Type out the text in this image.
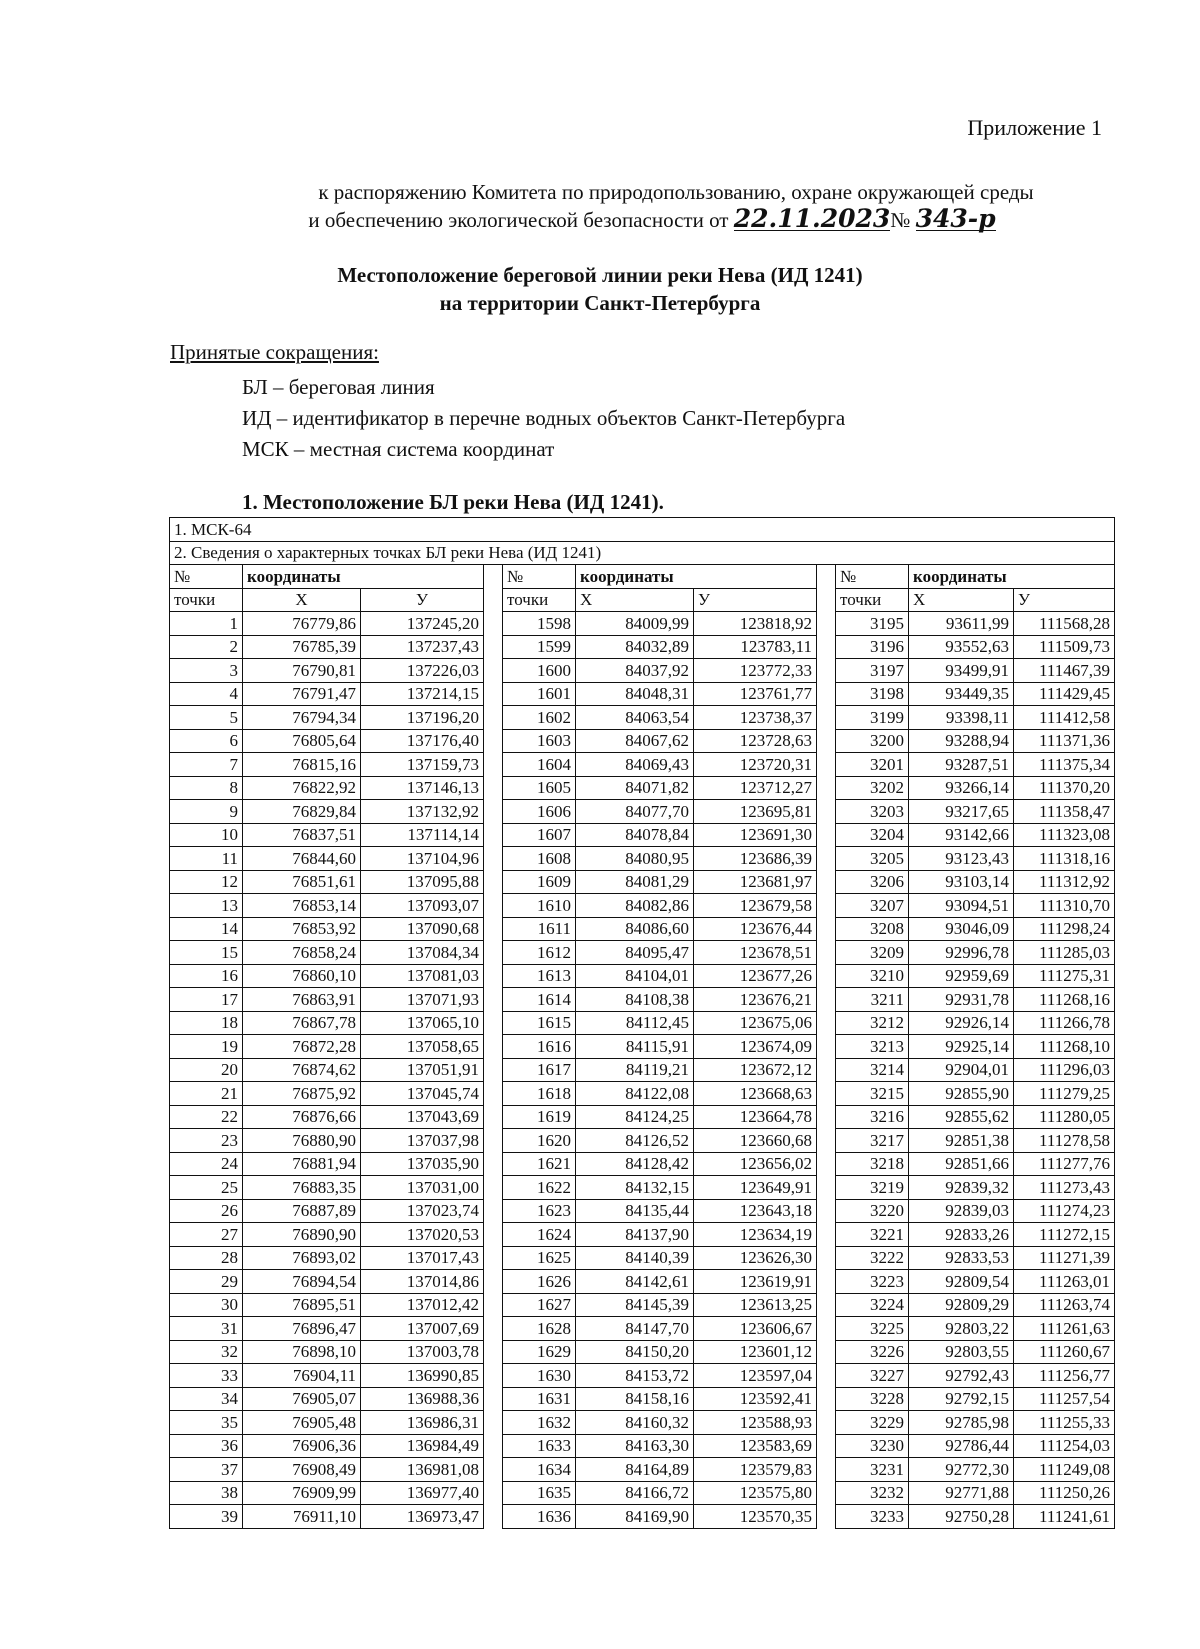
Приложение 1
к распоряжению Комитета по природопользованию, охране окружающей среды
и обеспечению экологической безопасности от 22.11.2023№ 343-р
Местоположение береговой линии реки Нева (ИД 1241)
на территории Санкт-Петербурга
Принятые сокращения:
БЛ – береговая линия
ИД – идентификатор в перечне водных объектов Санкт-Петербурга
МСК – местная система координат
1. Местоположение БЛ реки Нева (ИД 1241).
1. МСК-64										
2. Сведения о характерных точках БЛ реки Нева (ИД 1241)										
№	координаты			№	координаты			№	координаты	
точки	Х	У		точки	Х	У		точки	Х	У
1	76779,86	137245,20		1598	84009,99	123818,92		3195	93611,99	111568,28
2	76785,39	137237,43		1599	84032,89	123783,11		3196	93552,63	111509,73
3	76790,81	137226,03		1600	84037,92	123772,33		3197	93499,91	111467,39
4	76791,47	137214,15		1601	84048,31	123761,77		3198	93449,35	111429,45
5	76794,34	137196,20		1602	84063,54	123738,37		3199	93398,11	111412,58
6	76805,64	137176,40		1603	84067,62	123728,63		3200	93288,94	111371,36
7	76815,16	137159,73		1604	84069,43	123720,31		3201	93287,51	111375,34
8	76822,92	137146,13		1605	84071,82	123712,27		3202	93266,14	111370,20
9	76829,84	137132,92		1606	84077,70	123695,81		3203	93217,65	111358,47
10	76837,51	137114,14		1607	84078,84	123691,30		3204	93142,66	111323,08
11	76844,60	137104,96		1608	84080,95	123686,39		3205	93123,43	111318,16
12	76851,61	137095,88		1609	84081,29	123681,97		3206	93103,14	111312,92
13	76853,14	137093,07		1610	84082,86	123679,58		3207	93094,51	111310,70
14	76853,92	137090,68		1611	84086,60	123676,44		3208	93046,09	111298,24
15	76858,24	137084,34		1612	84095,47	123678,51		3209	92996,78	111285,03
16	76860,10	137081,03		1613	84104,01	123677,26		3210	92959,69	111275,31
17	76863,91	137071,93		1614	84108,38	123676,21		3211	92931,78	111268,16
18	76867,78	137065,10		1615	84112,45	123675,06		3212	92926,14	111266,78
19	76872,28	137058,65		1616	84115,91	123674,09		3213	92925,14	111268,10
20	76874,62	137051,91		1617	84119,21	123672,12		3214	92904,01	111296,03
21	76875,92	137045,74		1618	84122,08	123668,63		3215	92855,90	111279,25
22	76876,66	137043,69		1619	84124,25	123664,78		3216	92855,62	111280,05
23	76880,90	137037,98		1620	84126,52	123660,68		3217	92851,38	111278,58
24	76881,94	137035,90		1621	84128,42	123656,02		3218	92851,66	111277,76
25	76883,35	137031,00		1622	84132,15	123649,91		3219	92839,32	111273,43
26	76887,89	137023,74		1623	84135,44	123643,18		3220	92839,03	111274,23
27	76890,90	137020,53		1624	84137,90	123634,19		3221	92833,26	111272,15
28	76893,02	137017,43		1625	84140,39	123626,30		3222	92833,53	111271,39
29	76894,54	137014,86		1626	84142,61	123619,91		3223	92809,54	111263,01
30	76895,51	137012,42		1627	84145,39	123613,25		3224	92809,29	111263,74
31	76896,47	137007,69		1628	84147,70	123606,67		3225	92803,22	111261,63
32	76898,10	137003,78		1629	84150,20	123601,12		3226	92803,55	111260,67
33	76904,11	136990,85		1630	84153,72	123597,04		3227	92792,43	111256,77
34	76905,07	136988,36		1631	84158,16	123592,41		3228	92792,15	111257,54
35	76905,48	136986,31		1632	84160,32	123588,93		3229	92785,98	111255,33
36	76906,36	136984,49		1633	84163,30	123583,69		3230	92786,44	111254,03
37	76908,49	136981,08		1634	84164,89	123579,83		3231	92772,30	111249,08
38	76909,99	136977,40		1635	84166,72	123575,80		3232	92771,88	111250,26
39	76911,10	136973,47		1636	84169,90	123570,35		3233	92750,28	111241,61
